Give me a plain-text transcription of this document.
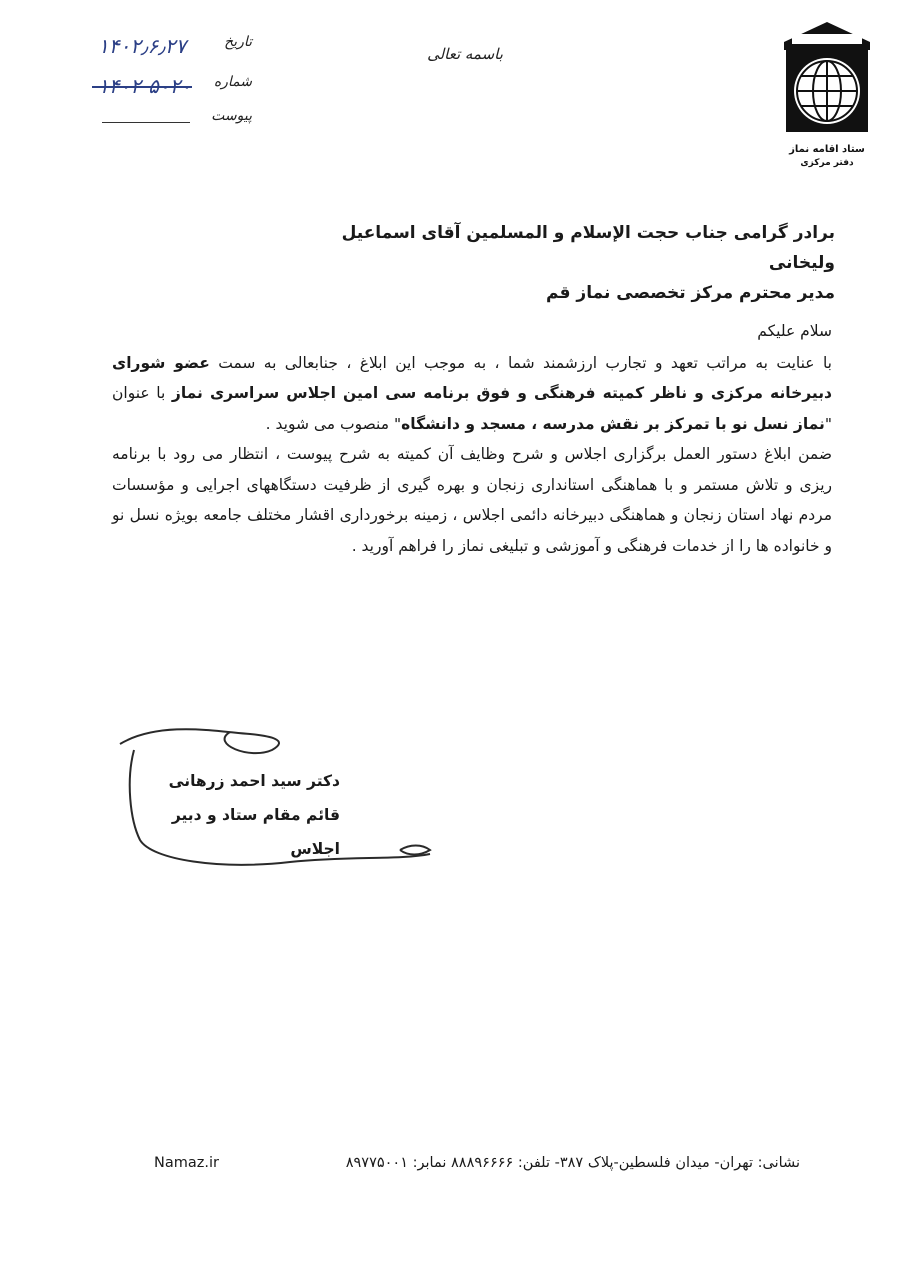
ستاد اقامه نماز
دفتر مرکزی
باسمه تعالی
۱۴۰۲٫۶٫۲۷	تاریخ
۱۴۰۲-۵۰۲۰ شماره
پیوست
برادر گرامی جناب حجت الإسلام و المسلمین آقای اسماعیل ولیخانی
مدیر محترم مرکز تخصصی نماز قم

سلام علیکم

با عنایت به مراتب تعهد و تجارب ارزشمند شما ، به موجب این ابلاغ ، جنابعالی به سمت عضو شورای دبیرخانه مرکزی و ناظر کمیته فرهنگی و فوق برنامه سی امین اجلاس سراسری نماز با عنوان "نماز نسل نو با تمرکز بر نقش مدرسه ، مسجد و دانشگاه" منصوب می شوید .

ضمن ابلاغ دستور العمل برگزاری اجلاس و شرح وظایف آن کمیته به شرح پیوست ، انتظار می رود با برنامه ریزی و تلاش مستمر و با هماهنگی استانداری زنجان و بهره گیری از ظرفیت دستگاههای اجرایی و مؤسسات مردم نهاد استان زنجان و هماهنگی دبیرخانه دائمی اجلاس ، زمینه برخورداری اقشار مختلف جامعه بویژه نسل نو و خانواده ها را از خدمات فرهنگی و آموزشی و تبلیغی نماز را فراهم آورید .

دکتر سید احمد زرهانی
قائم مقام ستاد و دبیر اجلاس
Namaz.ir	نشانی: تهران- میدان فلسطین-پلاک ۳۸۷- تلفن: ۸۸۸۹۶۶۶۶ نمابر: ۸۹۷۷۵۰۰۱
